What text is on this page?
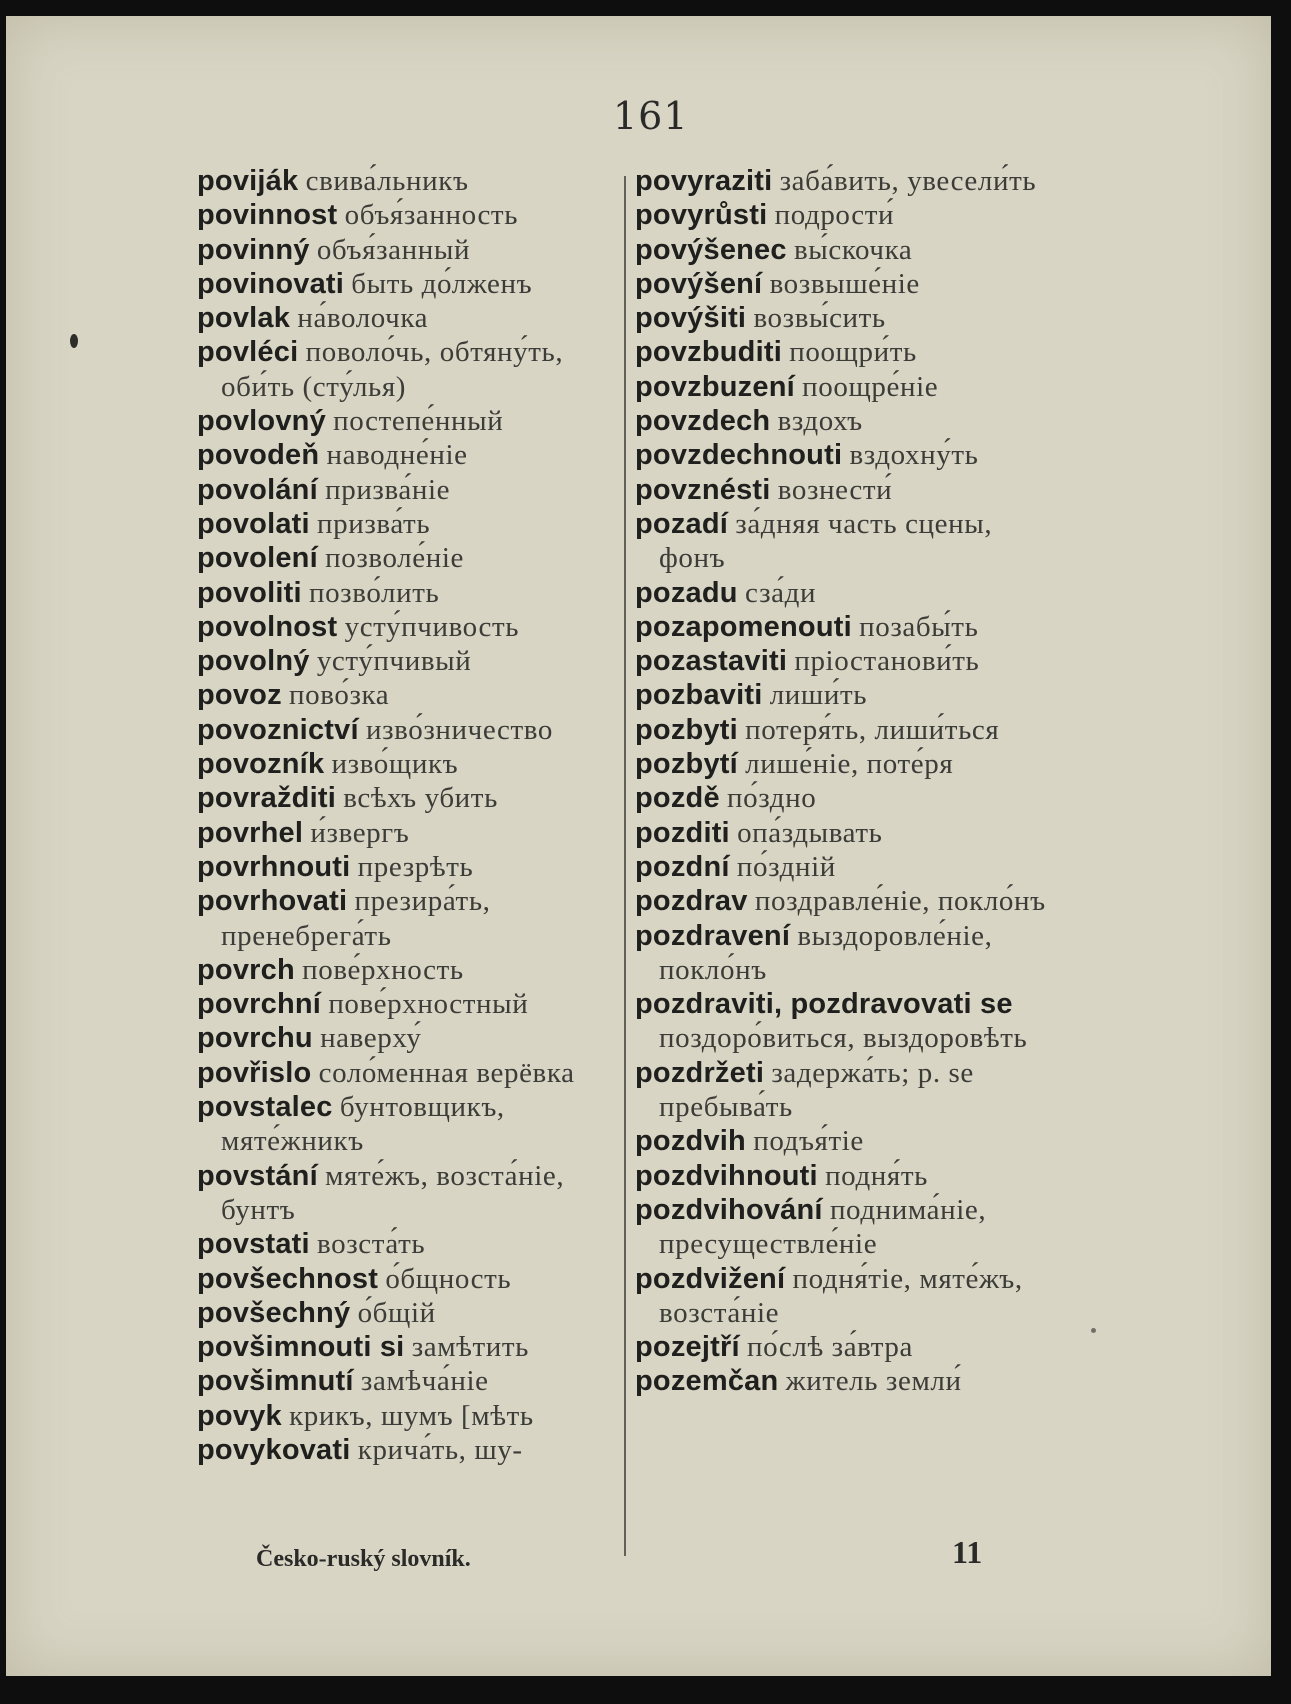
161

poviják свива́льникъ

povinnost объя́занность

povinný объя́занный

povinovati быть до́лженъ

povlak на́волочка

povléci поволо́чь, обтяну́ть, оби́ть (сту́лья)

povlovný постепе́нный

povodeň наводне́ніе

povolání призва́ніе

povolati призва́ть

povolení позволе́ніе

povoliti позво́лить

povolnost усту́пчивость

povolný усту́пчивый

povoz пово́зка

povoznictví изво́зничество

povozník изво́щикъ

povražditi всѣхъ убить

povrhel и́звергъ

povrhnouti презрѣть

povrhovati презира́ть, пренебрега́ть

povrch пове́рхность

povrchní пове́рхностный

povrchu наверху́

povřislo соло́менная верёвка

povstalec бунтовщикъ, мяте́жникъ

povstání мяте́жъ, возста́ніе, бунтъ

povstati возста́ть

povšechnost о́бщность

povšechný о́бщій

povšimnouti si замѣтить

povšimnutí замѣча́ніе

povyk крикъ, шумъ [мѣть

povykovati крича́ть, шу-

povyraziti заба́вить, увесели́ть

povyrůsti подрости́

povýšenec вы́скочка

povýšení возвыше́ніе

povýšiti возвы́сить

povzbuditi поощри́ть

povzbuzení поощре́ніе

povzdech вздохъ

povzdechnouti вздохну́ть

povznésti вознести́

pozadí за́дняя часть сцены, фонъ

pozadu сза́ди

pozapomenouti позабы́ть

pozastaviti пріостанови́ть

pozbaviti лиши́ть

pozbyti потеря́ть, лиши́ться

pozbytí лише́ніе, поте́ря

pozdě по́здно

pozditi опа́здывать

pozdní по́здній

pozdrav поздравле́ніе, покло́нъ

pozdravení выздоровле́ніе, покло́нъ

pozdraviti, pozdravovati se поздоро́виться, выздоровѣть

pozdržeti задержа́ть; p. se пребыва́ть

pozdvih подъя́тіе

pozdvihnouti подня́ть

pozdvihování поднима́ніе, пресуществле́ніе

pozdvižení подня́тіе, мяте́жъ, возста́ніе

pozejtří по́слѣ за́втра

pozemčan житель земли́

Česko-ruský slovník.	11
